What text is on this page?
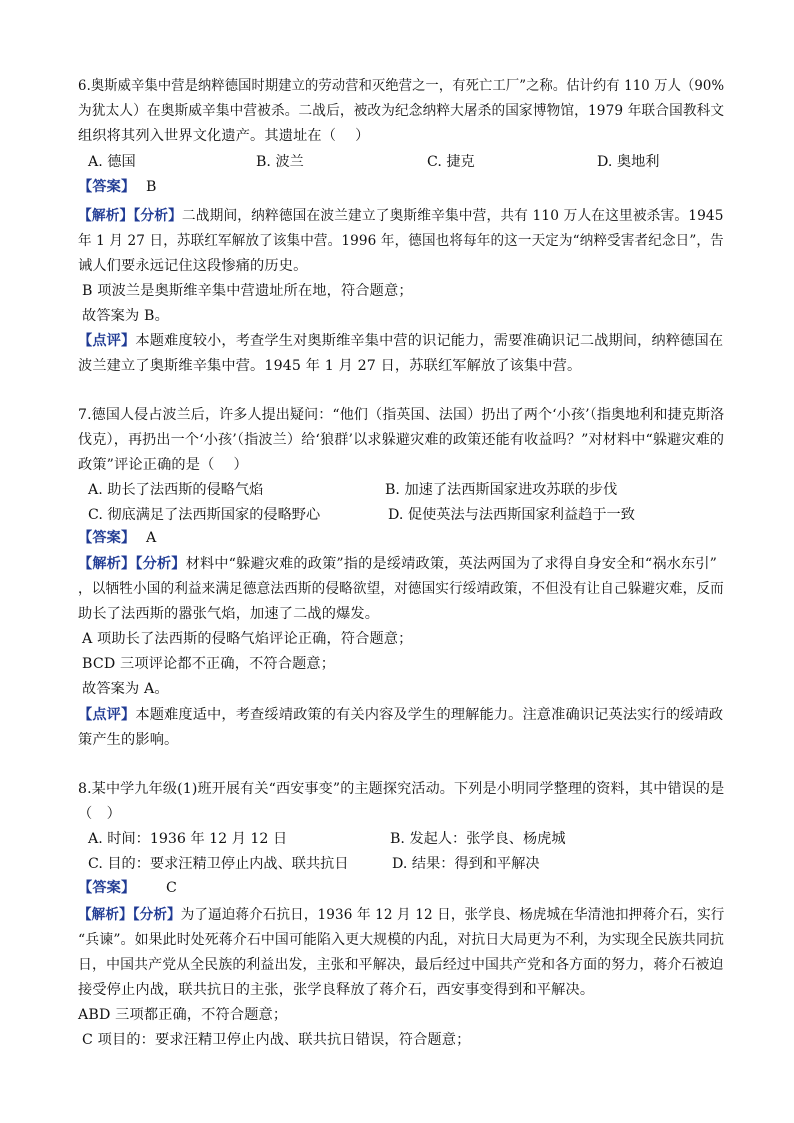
6.奥斯威辛集中营是纳粹德国时期建立的劳动营和灭绝营之一，有死亡工厂”之称。估计约有 110 万人（90%
为犹太人）在奥斯威辛集中营被杀。二战后，被改为纪念纳粹大屠杀的国家博物馆，1979 年联合国教科文
组织将其列入世界文化遗产。其遗址在（　 ）
A. 德国	B. 波兰	C. 捷克	D. 奥地利
【答案】 B
【解析】【分析】二战期间，纳粹德国在波兰建立了奥斯维辛集中营，共有 110 万人在这里被杀害。1945
年 1 月 27 日，苏联红军解放了该集中营。1996 年，德国也将每年的这一天定为“纳粹受害者纪念日”，告
诫人们要永远记住这段惨痛的历史。
B 项波兰是奥斯维辛集中营遗址所在地，符合题意；
故答案为 B。
【点评】本题难度较小，考查学生对奥斯维辛集中营的识记能力，需要准确识记二战期间，纳粹德国在
波兰建立了奥斯维辛集中营。1945 年 1 月 27 日，苏联红军解放了该集中营。
7.德国人侵占波兰后，许多人提出疑问：“他们（指英国、法国）扔出了两个‘小孩’（指奥地利和捷克斯洛
伐克），再扔出一个‘小孩’（指波兰）给‘狼群’以求躲避灾难的政策还能有收益吗？”对材料中“躲避灾难的
政策”评论正确的是（　 ）
A. 助长了法西斯的侵略气焰	B. 加速了法西斯国家进攻苏联的步伐
C. 彻底满足了法西斯国家的侵略野心	D. 促使英法与法西斯国家利益趋于一致
【答案】 A
【解析】【分析】材料中“躲避灾难的政策”指的是绥靖政策，英法两国为了求得自身安全和“祸水东引”
，以牺牲小国的利益来满足德意法西斯的侵略欲望，对德国实行绥靖政策，不但没有让自己躲避灾难，反而
助长了法西斯的嚣张气焰，加速了二战的爆发。
A 项助长了法西斯的侵略气焰评论正确，符合题意；
BCD 三项评论都不正确，不符合题意；
故答案为 A。
【点评】本题难度适中，考查绥靖政策的有关内容及学生的理解能力。注意准确识记英法实行的绥靖政
策产生的影响。
8.某中学九年级(1)班开展有关“西安事变”的主题探究活动。下列是小明同学整理的资料，其中错误的是
（　）
A. 时间：1936 年 12 月 12 日	B. 发起人：张学良、杨虎城
C. 目的：要求汪精卫停止内战、联共抗日	D. 结果：得到和平解决
【答案】 C
【解析】【分析】为了逼迫蒋介石抗日，1936 年 12 月 12 日，张学良、杨虎城在华清池扣押蒋介石，实行
“兵谏”。如果此时处死蒋介石中国可能陷入更大规模的内乱，对抗日大局更为不利，为实现全民族共同抗
日，中国共产党从全民族的利益出发，主张和平解决，最后经过中国共产党和各方面的努力，蒋介石被迫
接受停止内战，联共抗日的主张，张学良释放了蒋介石，西安事变得到和平解决。
ABD 三项都正确，不符合题意；
C 项目的：要求汪精卫停止内战、联共抗日错误，符合题意；
